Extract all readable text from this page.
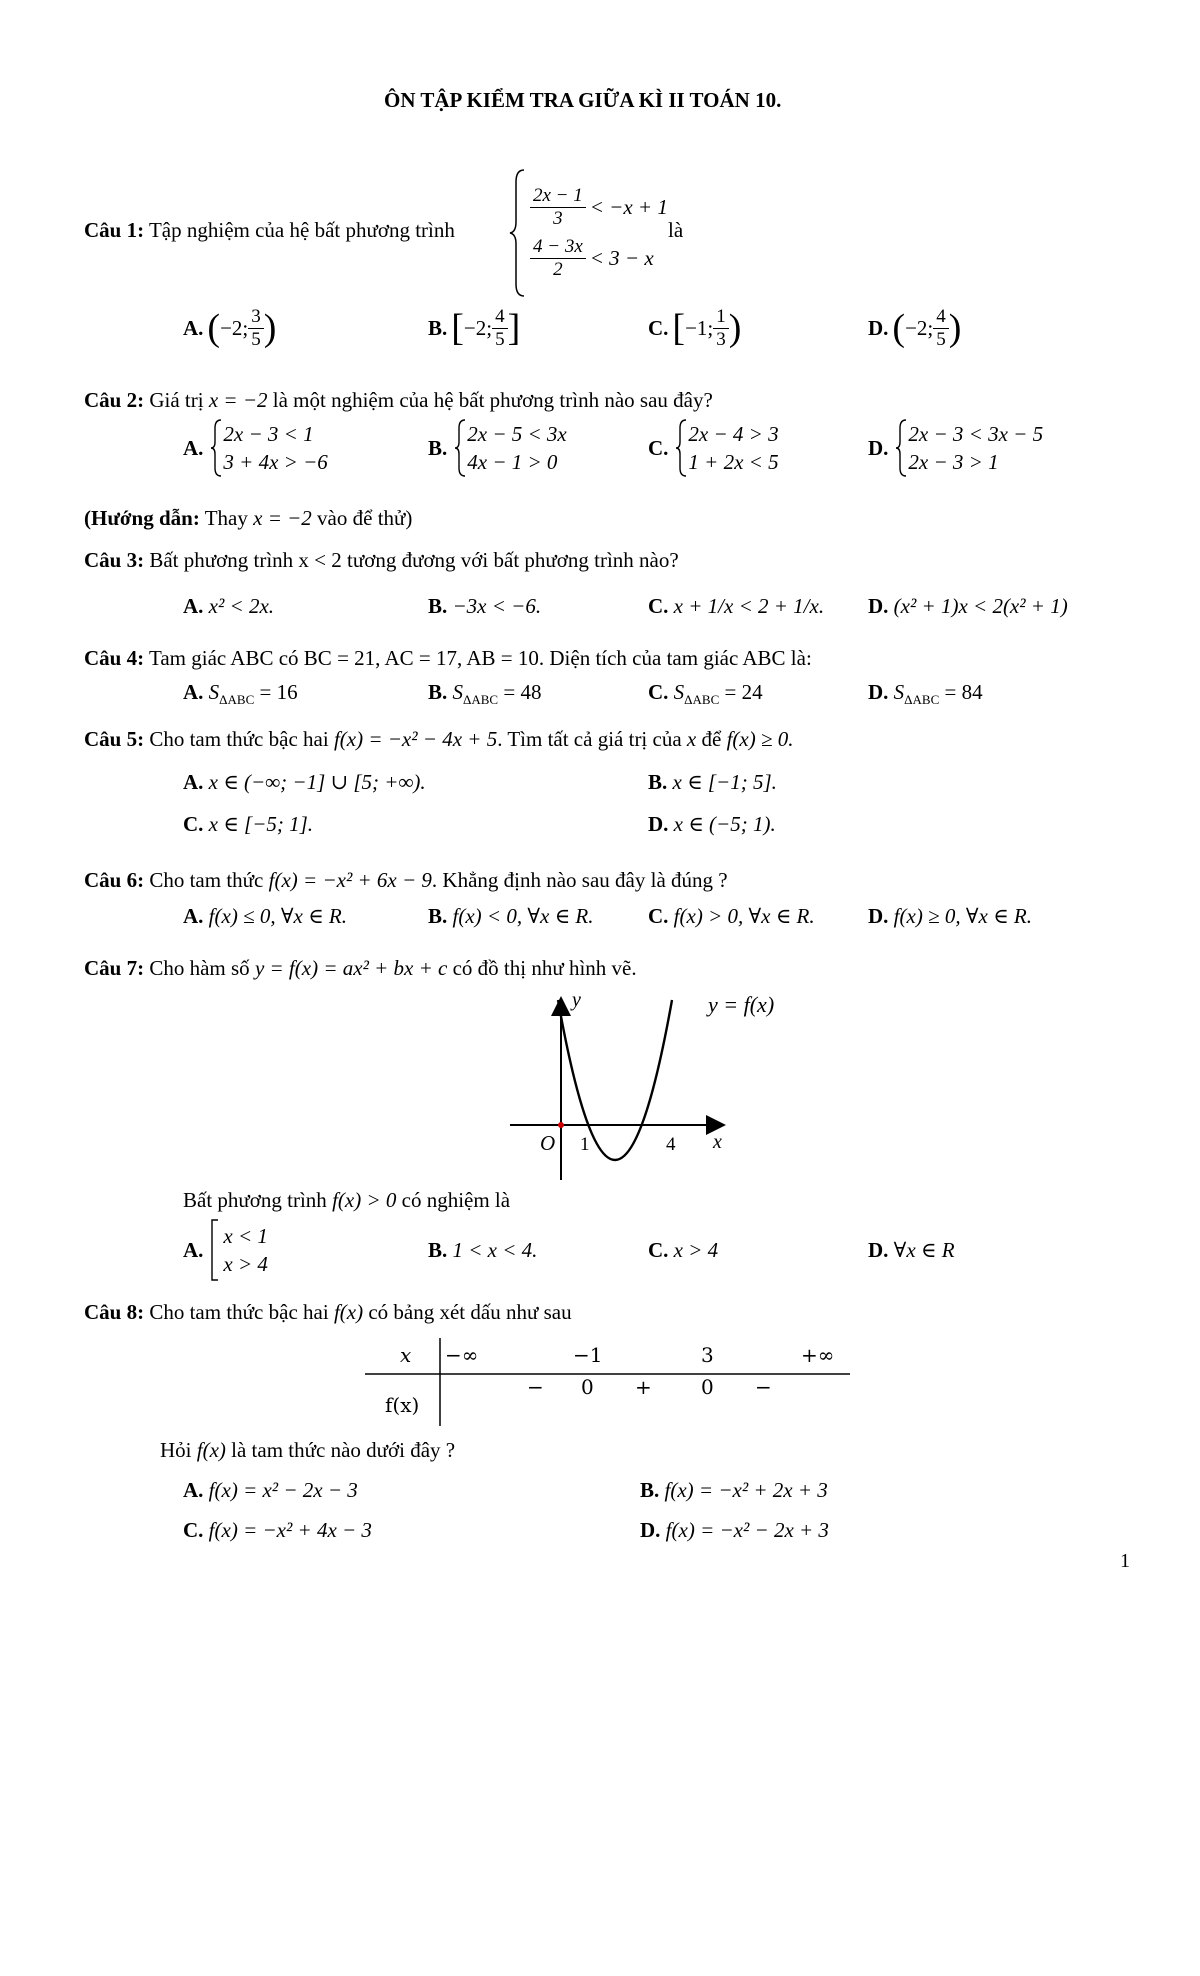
ÔN TẬP KIỂM TRA GIỮA KÌ II TOÁN 10.
Câu 1: Tập nghiệm của hệ bất phương trình	$\frac{2x - 1}{3} < -x + 1$
$\frac{4 - 3x}{2} < 3 - x$
là
A. ( −2; $\frac{3}{5}$ )	B. [ −2; $\frac{4}{5}$ ]	C. [ −1; $\frac{1}{3}$ )	D. ( −2; $\frac{4}{5}$ )
Câu 2: Giá trị x = −2 là một nghiệm của hệ bất phương trình nào sau đây?
A.
2x − 3 < 1
3 + 4x > −6
B.
2x − 5 < 3x
4x − 1 > 0
C.
2x − 4 > 3
1 + 2x < 5
D.
2x − 3 < 3x − 5
2x − 3 > 1
(Hướng dẫn: Thay x = −2 vào để thử)
Câu 3: Bất phương trình x < 2 tương đương với bất phương trình nào?
A. x² < 2x.	B. −3x < −6.	C. x + 1/x < 2 + 1/x. D. (x² + 1)x < 2(x² + 1)
Câu 4: Tam giác ABC có BC = 21, AC = 17, AB = 10. Diện tích của tam giác ABC là:
A. $S_{\Delta ABC} = 16$	B. $S_{\Delta ABC} = 48$	C. $S_{\Delta ABC} = 24$	D. $S_{\Delta ABC} = 84$
Câu 5: Cho tam thức bậc hai f(x) = −x² − 4x + 5. Tìm tất cả giá trị của x để f(x) ≥ 0.
A. x ∈ (−∞; −1] ∪ [5; +∞).	B. x ∈ [−1; 5].
C. x ∈ [−5; 1].	D. x ∈ (−5; 1).
Câu 6: Cho tam thức f(x) = −x² + 6x − 9. Khẳng định nào sau đây là đúng ?
A. f(x) ≤ 0, ∀x ∈ R.	B. f(x) < 0, ∀x ∈ R.	C. f(x) > 0, ∀x ∈ R.	D. f(x) ≥ 0, ∀x ∈ R.
Câu 7: Cho hàm số y = f(x) = ax² + bx + c có đồ thị như hình vẽ.
y
x
O 1	4
y = f(x)
Bất phương trình f(x) > 0 có nghiệm là
A.
x < 1
x > 4
B. 1 < x < 4.	C. x > 4	D. ∀x ∈ R
Câu 8: Cho tam thức bậc hai f(x) có bảng xét dấu như sau
x −∞	−1	3	+∞
f(x)
− 0 + 0 −
Hỏi f(x) là tam thức nào dưới đây ?
A. f(x) = x² − 2x − 3	B. f(x) = −x² + 2x + 3
C. f(x) = −x² + 4x − 3	D. f(x) = −x² − 2x + 3
1
